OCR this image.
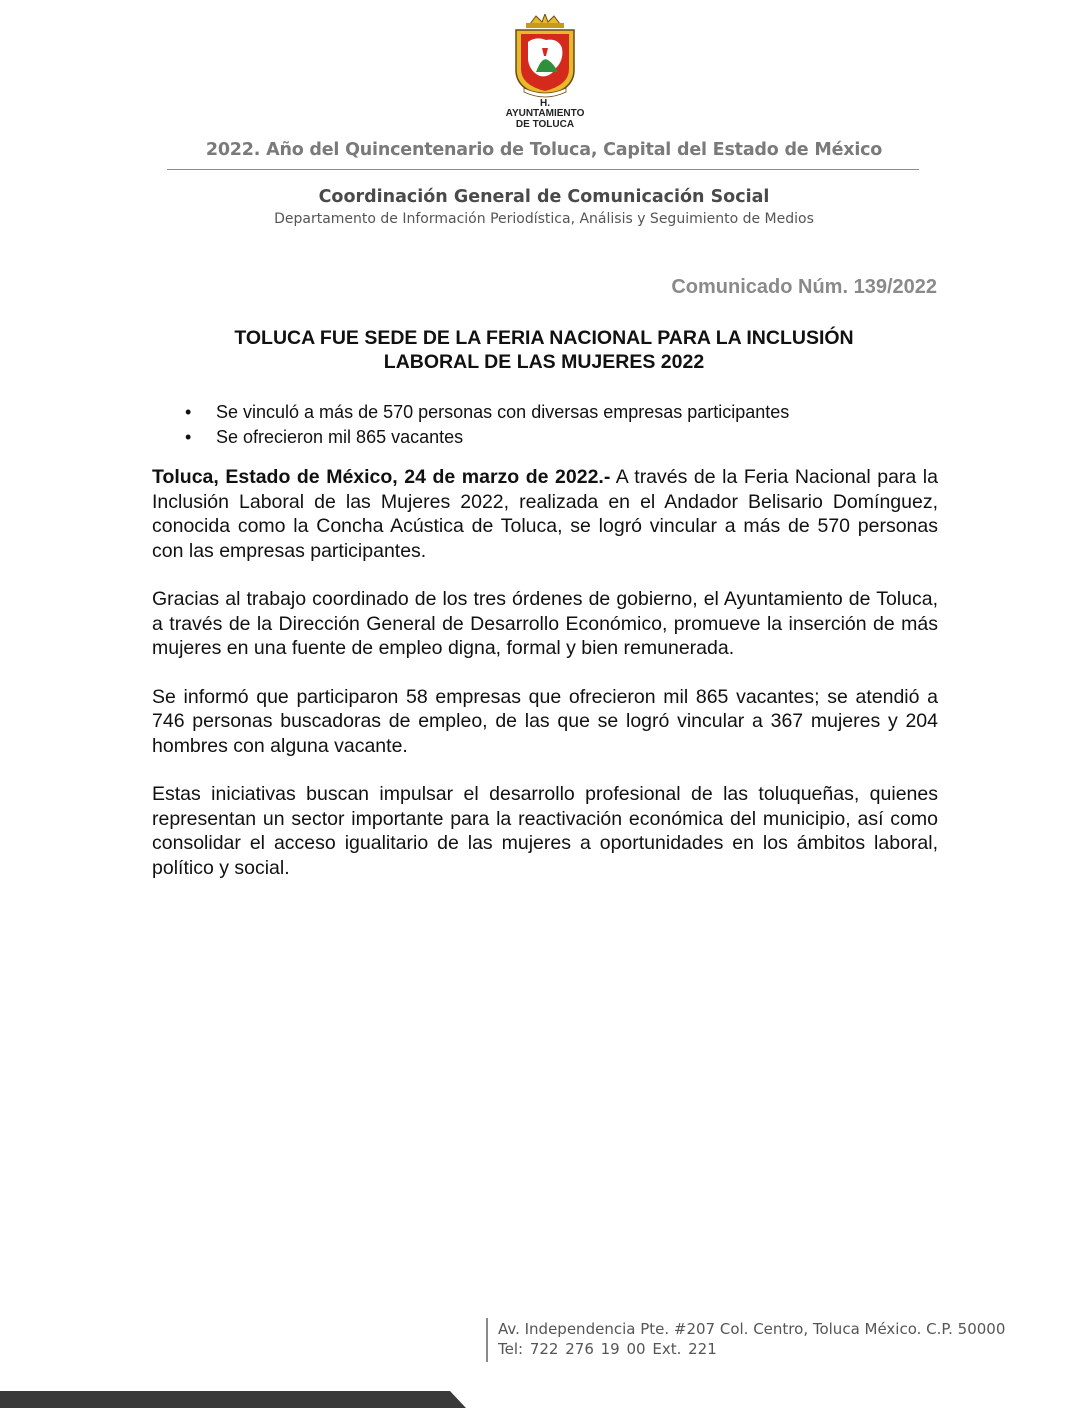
H. AYUNTAMIENTO
DE TOLUCA
2022. Año del Quincentenario de Toluca, Capital del Estado de México
Coordinación General de Comunicación Social
Departamento de Información Periodística, Análisis y Seguimiento de Medios
Comunicado Núm. 139/2022
TOLUCA FUE SEDE DE LA FERIA NACIONAL PARA LA INCLUSIÓN
LABORAL DE LAS MUJERES 2022
• Se vinculó a más de 570 personas con diversas empresas participantes
• Se ofrecieron mil 865 vacantes

Toluca, Estado de México, 24 de marzo de 2022.- A través de la Feria Nacional para la Inclusión Laboral de las Mujeres 2022, realizada en el Andador Belisario Domínguez, conocida como la Concha Acústica de Toluca, se logró vincular a más de 570 personas con las empresas participantes.

Gracias al trabajo coordinado de los tres órdenes de gobierno, el Ayuntamiento de Toluca, a través de la Dirección General de Desarrollo Económico, promueve la inserción de más mujeres en una fuente de empleo digna, formal y bien remunerada.

Se informó que participaron 58 empresas que ofrecieron mil 865 vacantes; se atendió a 746 personas buscadoras de empleo, de las que se logró vincular a 367 mujeres y 204 hombres con alguna vacante.

Estas iniciativas buscan impulsar el desarrollo profesional de las toluqueñas, quienes representan un sector importante para la reactivación económica del municipio, así como consolidar el acceso igualitario de las mujeres a oportunidades en los ámbitos laboral, político y social.

Av. Independencia Pte. #207 Col. Centro, Toluca México. C.P. 50000
Tel: 722 276 19 00 Ext. 221
